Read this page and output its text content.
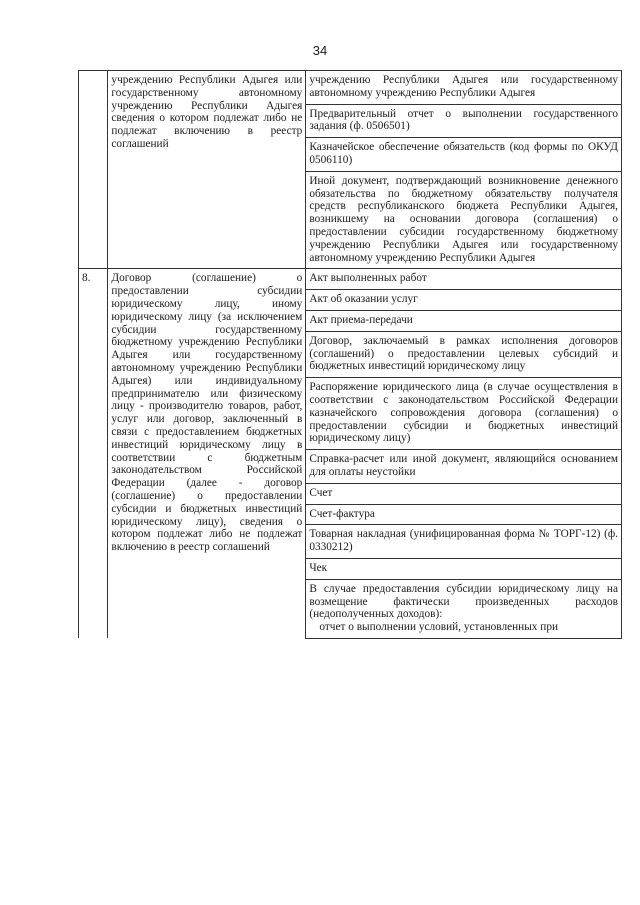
34
	учреждению Республики Адыгея или государственному автономному учреждению Республики Адыгея сведения о котором подлежат либо не подлежат включению в реестр соглашений	учреждению Республики Адыгея или государственному автономному учреждению Республики Адыгея
		Предварительный отчет о выполнении государственного задания (ф. 0506501)
		Казначейское обеспечение обязательств (код формы по ОКУД 0506110)
		Иной документ, подтверждающий возникновение денежного обязательства по бюджетному обязательству получателя средств республиканского бюджета Республики Адыгея, возникшему на основании договора (соглашения) о предоставлении субсидии государственному бюджетному учреждению Республики Адыгея или государственному автономному учреждению Республики Адыгея
8.	Договор (соглашение) о предоставлении субсидии юридическому лицу, иному юридическому лицу (за исключением субсидии государственному бюджетному учреждению Республики Адыгея или государственному автономному учреждению Республики Адыгея) или индивидуальному предпринимателю или физическому лицу - производителю товаров, работ, услуг или договор, заключенный в связи с предоставлением бюджетных инвестиций юридическому лицу в соответствии с бюджетным законодательством Российской Федерации (далее - договор (соглашение) о предоставлении субсидии и бюджетных инвестиций юридическому лицу), сведения о котором подлежат либо не подлежат включению в реестр соглашений	Акт выполненных работ
		Акт об оказании услуг
		Акт приема-передачи
		Договор, заключаемый в рамках исполнения договоров (соглашений) о предоставлении целевых субсидий и бюджетных инвестиций юридическому лицу
		Распоряжение юридического лица (в случае осуществления в соответствии с законодательством Российской Федерации казначейского сопровождения договора (соглашения) о предоставлении субсидии и бюджетных инвестиций юридическому лицу)
		Справка-расчет или иной документ, являющийся основанием для оплаты неустойки
		Счет
		Счет-фактура
		Товарная накладная (унифицированная форма № ТОРГ-12) (ф. 0330212)
		Чек

		В случае предоставления субсидии юридическому лицу на возмещение фактически произведенных расходов (недополученных доходов):
отчет о выполнении условий, установленных при
